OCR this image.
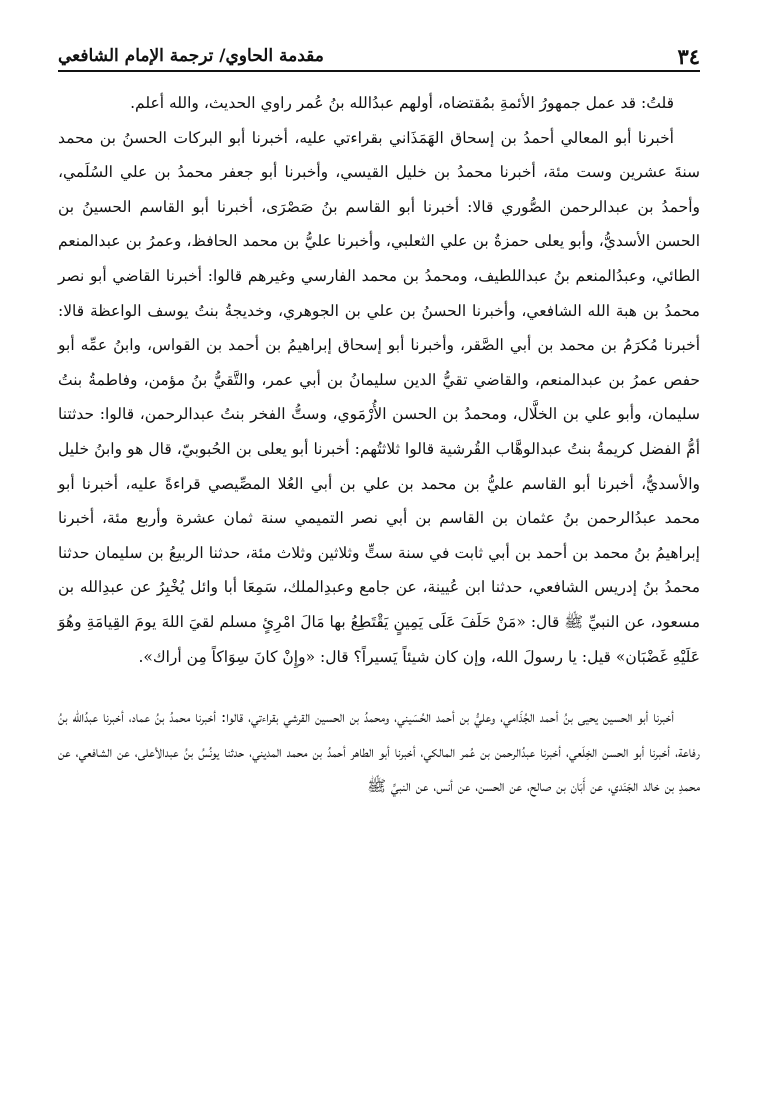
٣٤
مقدمة الحاوي/ ترجمة الإمام الشافعي

قلتُ: قد عمل جمهورُ الأئمةِ بمُقتضاه، أولهم عبدُالله بنُ عُمر راوي الحديث، والله أعلم.

أخبرنا أبو المعالي أحمدُ بن إسحاق الهَمَذَاني بقراءتي عليه، أخبرنا أبو البركات الحسنُ بن محمد سنةَ عشرين وست مئة، أخبرنا محمدُ بن خليل القيسي، وأخبرنا أبو جعفر محمدُ بن علي السُلَمي، وأحمدُ بن عبدالرحمن الصُّوري قالا: أخبرنا أبو القاسم بنُ صَصْرَى، أخبرنا أبو القاسم الحسينُ بن الحسن الأسديُّ، وأبو يعلى حمزةُ بن علي الثعلبي، وأخبرنا عليُّ بن محمد الحافظ، وعمرُ بن عبدالمنعم الطائي، وعبدُالمنعم بنُ عبداللطيف، ومحمدُ بن محمد الفارسي وغيرهم قالوا: أخبرنا القاضي أبو نصر محمدُ بن هبة الله الشافعي، وأخبرنا الحسنُ بن علي بن الجوهري، وخديجةُ بنتُ يوسف الواعظة قالا: أخبرنا مُكرَمُ بن محمد بن أبي الصَّقر، وأخبرنا أبو إسحاق إبراهيمُ بن أحمد بن القواس، وابنُ عمِّه أبو حفص عمرُ بن عبدالمنعم، والقاضي تقيُّ الدين سليمانُ بن أبي عمر، والتَّقيُّ بنُ مؤمن، وفاطمةُ بنتُ سليمان، وأبو علي بن الخلَّال، ومحمدُ بن الحسن الأُرْمَوي، وستُّ الفخر بنتُ عبدالرحمن، قالوا: حدثتنا أمُّ الفضل كريمةُ بنتُ عبدالوهَّاب القُرشية قالوا ثلاثتُهم: أخبرنا أبو يعلى بن الحُبوبيّ، قال هو وابنُ خليل والأسديُّ، أخبرنا أبو القاسم عليُّ بن محمد بن علي بن أبي العُلا المصِّيصي قراءةً عليه، أخبرنا أبو محمد عبدُالرحمن بنُ عثمان بن القاسم بن أبي نصر التميمي سنة ثمان عشرة وأربع مئة، أخبرنا إبراهيمُ بنُ محمد بن أحمد بن أبي ثابت في سنة ستٍّ وثلاثين وثلاث مئة، حدثنا الربيعُ بن سليمان حدثنا محمدُ بنُ إدريس الشافعي، حدثنا ابن عُيينة، عن جامع وعبدِالملك، سَمِعَا أبا وائل يُخْبِرُ عن عبدِالله بن مسعود، عن النبيِّ ﷺ قال: «مَنْ حَلَفَ عَلَى يَمِينٍ يَقْتَطِعُ بها مَالَ امْرِئٍ مسلم لقيَ اللهَ يومَ القِيامَةِ وهُوَ عَلَيْهِ غَضْبَان» قيل: يا رسولَ الله، وإن كان شيئاً يَسيراً؟ قال: «وإِنْ كانَ سِوَاكاً مِن أراك».

أخبرنا أبو الحسين يحيى بنُ أحمد الجُذَامي، وعليُّ بن أحمد الحُسَيني، ومحمدُ بن الحسين القرشي بقراءتي، قالوا: أخبرنا محمدُ بنُ عماد، أخبرنا عبدُالله بنُ رفاعة، أخبرنا أبو الحسن الخِلَعي، أخبرنا عبدُالرحمن بن عُمر المالكي، أخبرنا أبو الطاهر أحمدُ بن محمد المديني، حدثنا يونُسُ بنُ عبدالأعلى، عن الشافعي، عن محمدِ بن خالد الجَنَدي، عن أَبَان بن صالح، عن الحسن، عن أنس، عن النبيِّ ﷺ
